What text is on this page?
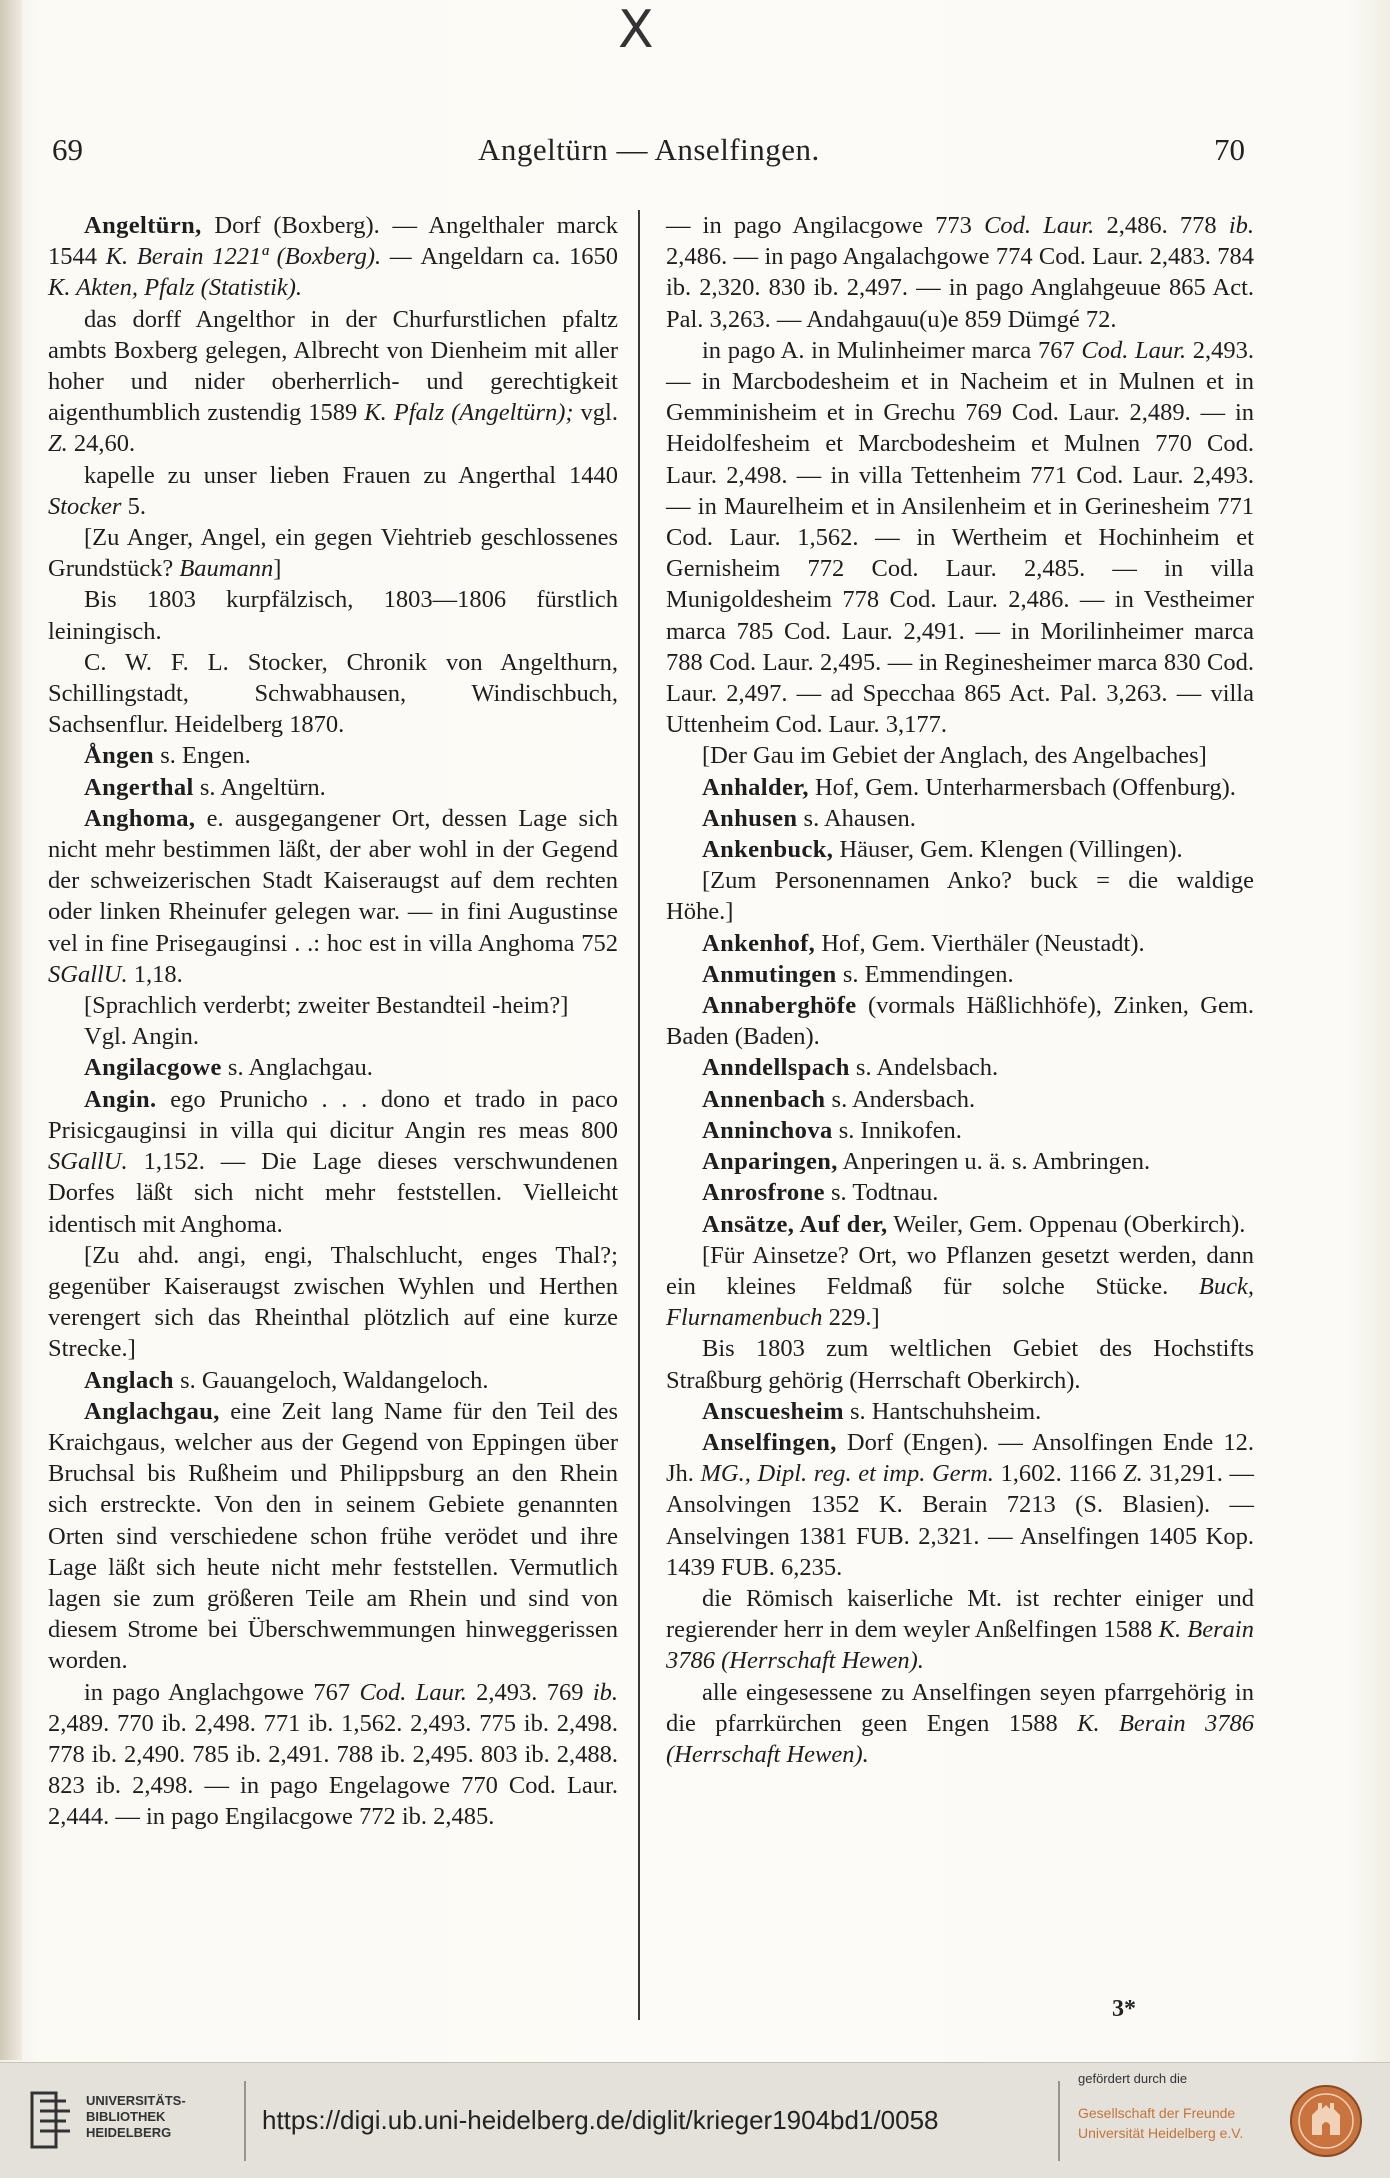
X
69	Angeltürn — Anselfingen.	70

Angeltürn, Dorf (Boxberg). — Angelthaler marck 1544 K. Berain 1221ª (Boxberg). — Angeldarn ca. 1650 K. Akten, Pfalz (Statistik).

das dorff Angelthor in der Churfurstlichen pfaltz ambts Boxberg gelegen, Albrecht von Dienheim mit aller hoher und nider oberherrlich- und gerechtigkeit aigenthumblich zustendig 1589 K. Pfalz (Angeltürn); vgl. Z. 24,60.

kapelle zu unser lieben Frauen zu Angerthal 1440 Stocker 5.

[Zu Anger, Angel, ein gegen Viehtrieb geschlossenes Grundstück? Baumann]

Bis 1803 kurpfälzisch, 1803—1806 fürstlich leiningisch.

C. W. F. L. Stocker, Chronik von Angelthurn, Schillingstadt, Schwabhausen, Windischbuch, Sachsenflur. Heidelberg 1870.

Ången s. Engen.

Angerthal s. Angeltürn.

Anghoma, e. ausgegangener Ort, dessen Lage sich nicht mehr bestimmen läßt, der aber wohl in der Gegend der schweizerischen Stadt Kaiseraugst auf dem rechten oder linken Rheinufer gelegen war. — in fini Augustinse vel in fine Prisegauginsi . .: hoc est in villa Anghoma 752 SGallU. 1,18.

[Sprachlich verderbt; zweiter Bestandteil -heim?]

Vgl. Angin.

Angilacgowe s. Anglachgau.

Angin. ego Prunicho . . . dono et trado in paco Prisicgauginsi in villa qui dicitur Angin res meas 800 SGallU. 1,152. — Die Lage dieses verschwundenen Dorfes läßt sich nicht mehr feststellen. Vielleicht identisch mit Anghoma.

[Zu ahd. angi, engi, Thalschlucht, enges Thal?; gegenüber Kaiseraugst zwischen Wyhlen und Herthen verengert sich das Rheinthal plötzlich auf eine kurze Strecke.]

Anglach s. Gauangeloch, Waldangeloch.

Anglachgau, eine Zeit lang Name für den Teil des Kraichgaus, welcher aus der Gegend von Eppingen über Bruchsal bis Rußheim und Philippsburg an den Rhein sich erstreckte. Von den in seinem Gebiete genannten Orten sind verschiedene schon frühe verödet und ihre Lage läßt sich heute nicht mehr feststellen. Vermutlich lagen sie zum größeren Teile am Rhein und sind von diesem Strome bei Überschwemmungen hinweggerissen worden.

in pago Anglachgowe 767 Cod. Laur. 2,493. 769 ib. 2,489. 770 ib. 2,498. 771 ib. 1,562. 2,493. 775 ib. 2,498. 778 ib. 2,490. 785 ib. 2,491. 788 ib. 2,495. 803 ib. 2,488. 823 ib. 2,498. — in pago Engelagowe 770 Cod. Laur. 2,444. — in pago Engilacgowe 772 ib. 2,485.

— in pago Angilacgowe 773 Cod. Laur. 2,486. 778 ib. 2,486. — in pago Angalachgowe 774 Cod. Laur. 2,483. 784 ib. 2,320. 830 ib. 2,497. — in pago Anglahgeuue 865 Act. Pal. 3,263. — Andahgauu(u)e 859 Dümgé 72.

in pago A. in Mulinheimer marca 767 Cod. Laur. 2,493. — in Marcbodesheim et in Nacheim et in Mulnen et in Gemminisheim et in Grechu 769 Cod. Laur. 2,489. — in Heidolfesheim et Marcbodesheim et Mulnen 770 Cod. Laur. 2,498. — in villa Tettenheim 771 Cod. Laur. 2,493. — in Maurelheim et in Ansilenheim et in Gerinesheim 771 Cod. Laur. 1,562. — in Wertheim et Hochinheim et Gernisheim 772 Cod. Laur. 2,485. — in villa Munigoldesheim 778 Cod. Laur. 2,486. — in Vestheimer marca 785 Cod. Laur. 2,491. — in Morilinheimer marca 788 Cod. Laur. 2,495. — in Reginesheimer marca 830 Cod. Laur. 2,497. — ad Specchaa 865 Act. Pal. 3,263. — villa Uttenheim Cod. Laur. 3,177.

[Der Gau im Gebiet der Anglach, des Angelbaches]

Anhalder, Hof, Gem. Unterharmersbach (Offenburg).

Anhusen s. Ahausen.

Ankenbuck, Häuser, Gem. Klengen (Villingen).

[Zum Personennamen Anko? buck = die waldige Höhe.]

Ankenhof, Hof, Gem. Vierthäler (Neustadt).

Anmutingen s. Emmendingen.

Annaberghöfe (vormals Häßlichhöfe), Zinken, Gem. Baden (Baden).

Anndellspach s. Andelsbach.

Annenbach s. Andersbach.

Anninchova s. Innikofen.

Anparingen, Anperingen u. ä. s. Ambringen.

Anrosfrone s. Todtnau.

Ansätze, Auf der, Weiler, Gem. Oppenau (Oberkirch).

[Für Ainsetze? Ort, wo Pflanzen gesetzt werden, dann ein kleines Feldmaß für solche Stücke. Buck, Flurnamenbuch 229.]

Bis 1803 zum weltlichen Gebiet des Hochstifts Straßburg gehörig (Herrschaft Oberkirch).

Anscuesheim s. Hantschuhsheim.

Anselfingen, Dorf (Engen). — Ansolfingen Ende 12. Jh. MG., Dipl. reg. et imp. Germ. 1,602. 1166 Z. 31,291. — Ansolvingen 1352 K. Berain 7213 (S. Blasien). — Anselvingen 1381 FUB. 2,321. — Anselfingen 1405 Kop. 1439 FUB. 6,235.

die Römisch kaiserliche Mt. ist rechter einiger und regierender herr in dem weyler Anßelfingen 1588 K. Berain 3786 (Herrschaft Hewen).

alle eingesessene zu Anselfingen seyen pfarrgehörig in die pfarrkürchen geen Engen 1588 K. Berain 3786 (Herrschaft Hewen).

3*
UNIVERSITÄTS-
BIBLIOTHEK
HEIDELBERG	https://digi.ub.uni-heidelberg.de/diglit/krieger1904bd1/0058
gefördert durch die
Gesellschaft der Freunde
Universität Heidelberg e.V.
